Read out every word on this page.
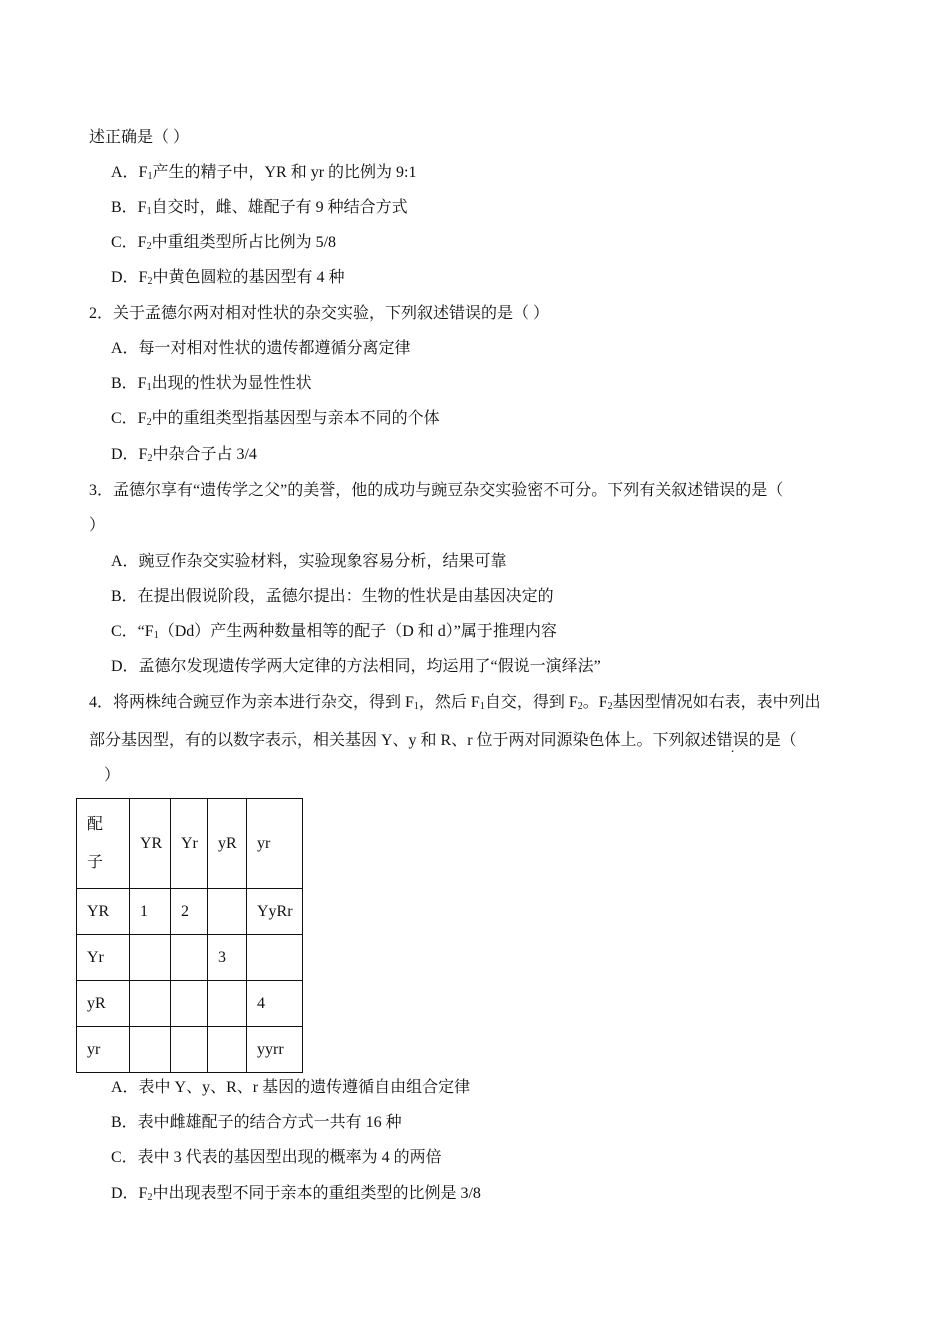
述正确是（ ）
A．$F_1$产生的精子中，YR 和 yr 的比例为 9:1
B．$F_1$自交时，雌、雄配子有 9 种结合方式
C．$F_2$中重组类型所占比例为 5/8
D．$F_2$中黄色圆粒的基因型有 4 种
2．关于孟德尔两对相对性状的杂交实验，下列叙述错误的是（ ）
A．每一对相对性状的遗传都遵循分离定律
B．$F_1$出现的性状为显性性状
C．$F_2$中的重组类型指基因型与亲本不同的个体
D．$F_2$中杂合子占 3/4
3．孟德尔享有“遗传学之父”的美誉，他的成功与豌豆杂交实验密不可分。下列有关叙述错误的是（
）
A．豌豆作杂交实验材料，实验现象容易分析，结果可靠
B．在提出假说阶段，孟德尔提出：生物的性状是由基因决定的
C．“$F_1(Dd)$产生两种数量相等的配子（D 和 d）”属于推理内容
D．孟德尔发现遗传学两大定律的方法相同，均运用了“假说一演绎法”
4．将两株纯合豌豆作为亲本进行杂交，得到 $F_1$，然后 $F_1$自交，得到 $F_2$。$F_2$基因型情况如右表，表中列出
部分基因型，有的以数字表示，相关基因 Y、y 和 R、r 位于两对同源染色体上。下列叙述错误的是（
）
配子	YR	Yr	yR	yr
YR	1	2		YyRr
Yr			3	
yR				4
yr				yyrr
A．表中 Y、y、R、r 基因的遗传遵循自由组合定律
B．表中雌雄配子的结合方式一共有 16 种
C．表中 3 代表的基因型出现的概率为 4 的两倍
D．$F_2$中出现表型不同于亲本的重组类型的比例是 3/8
